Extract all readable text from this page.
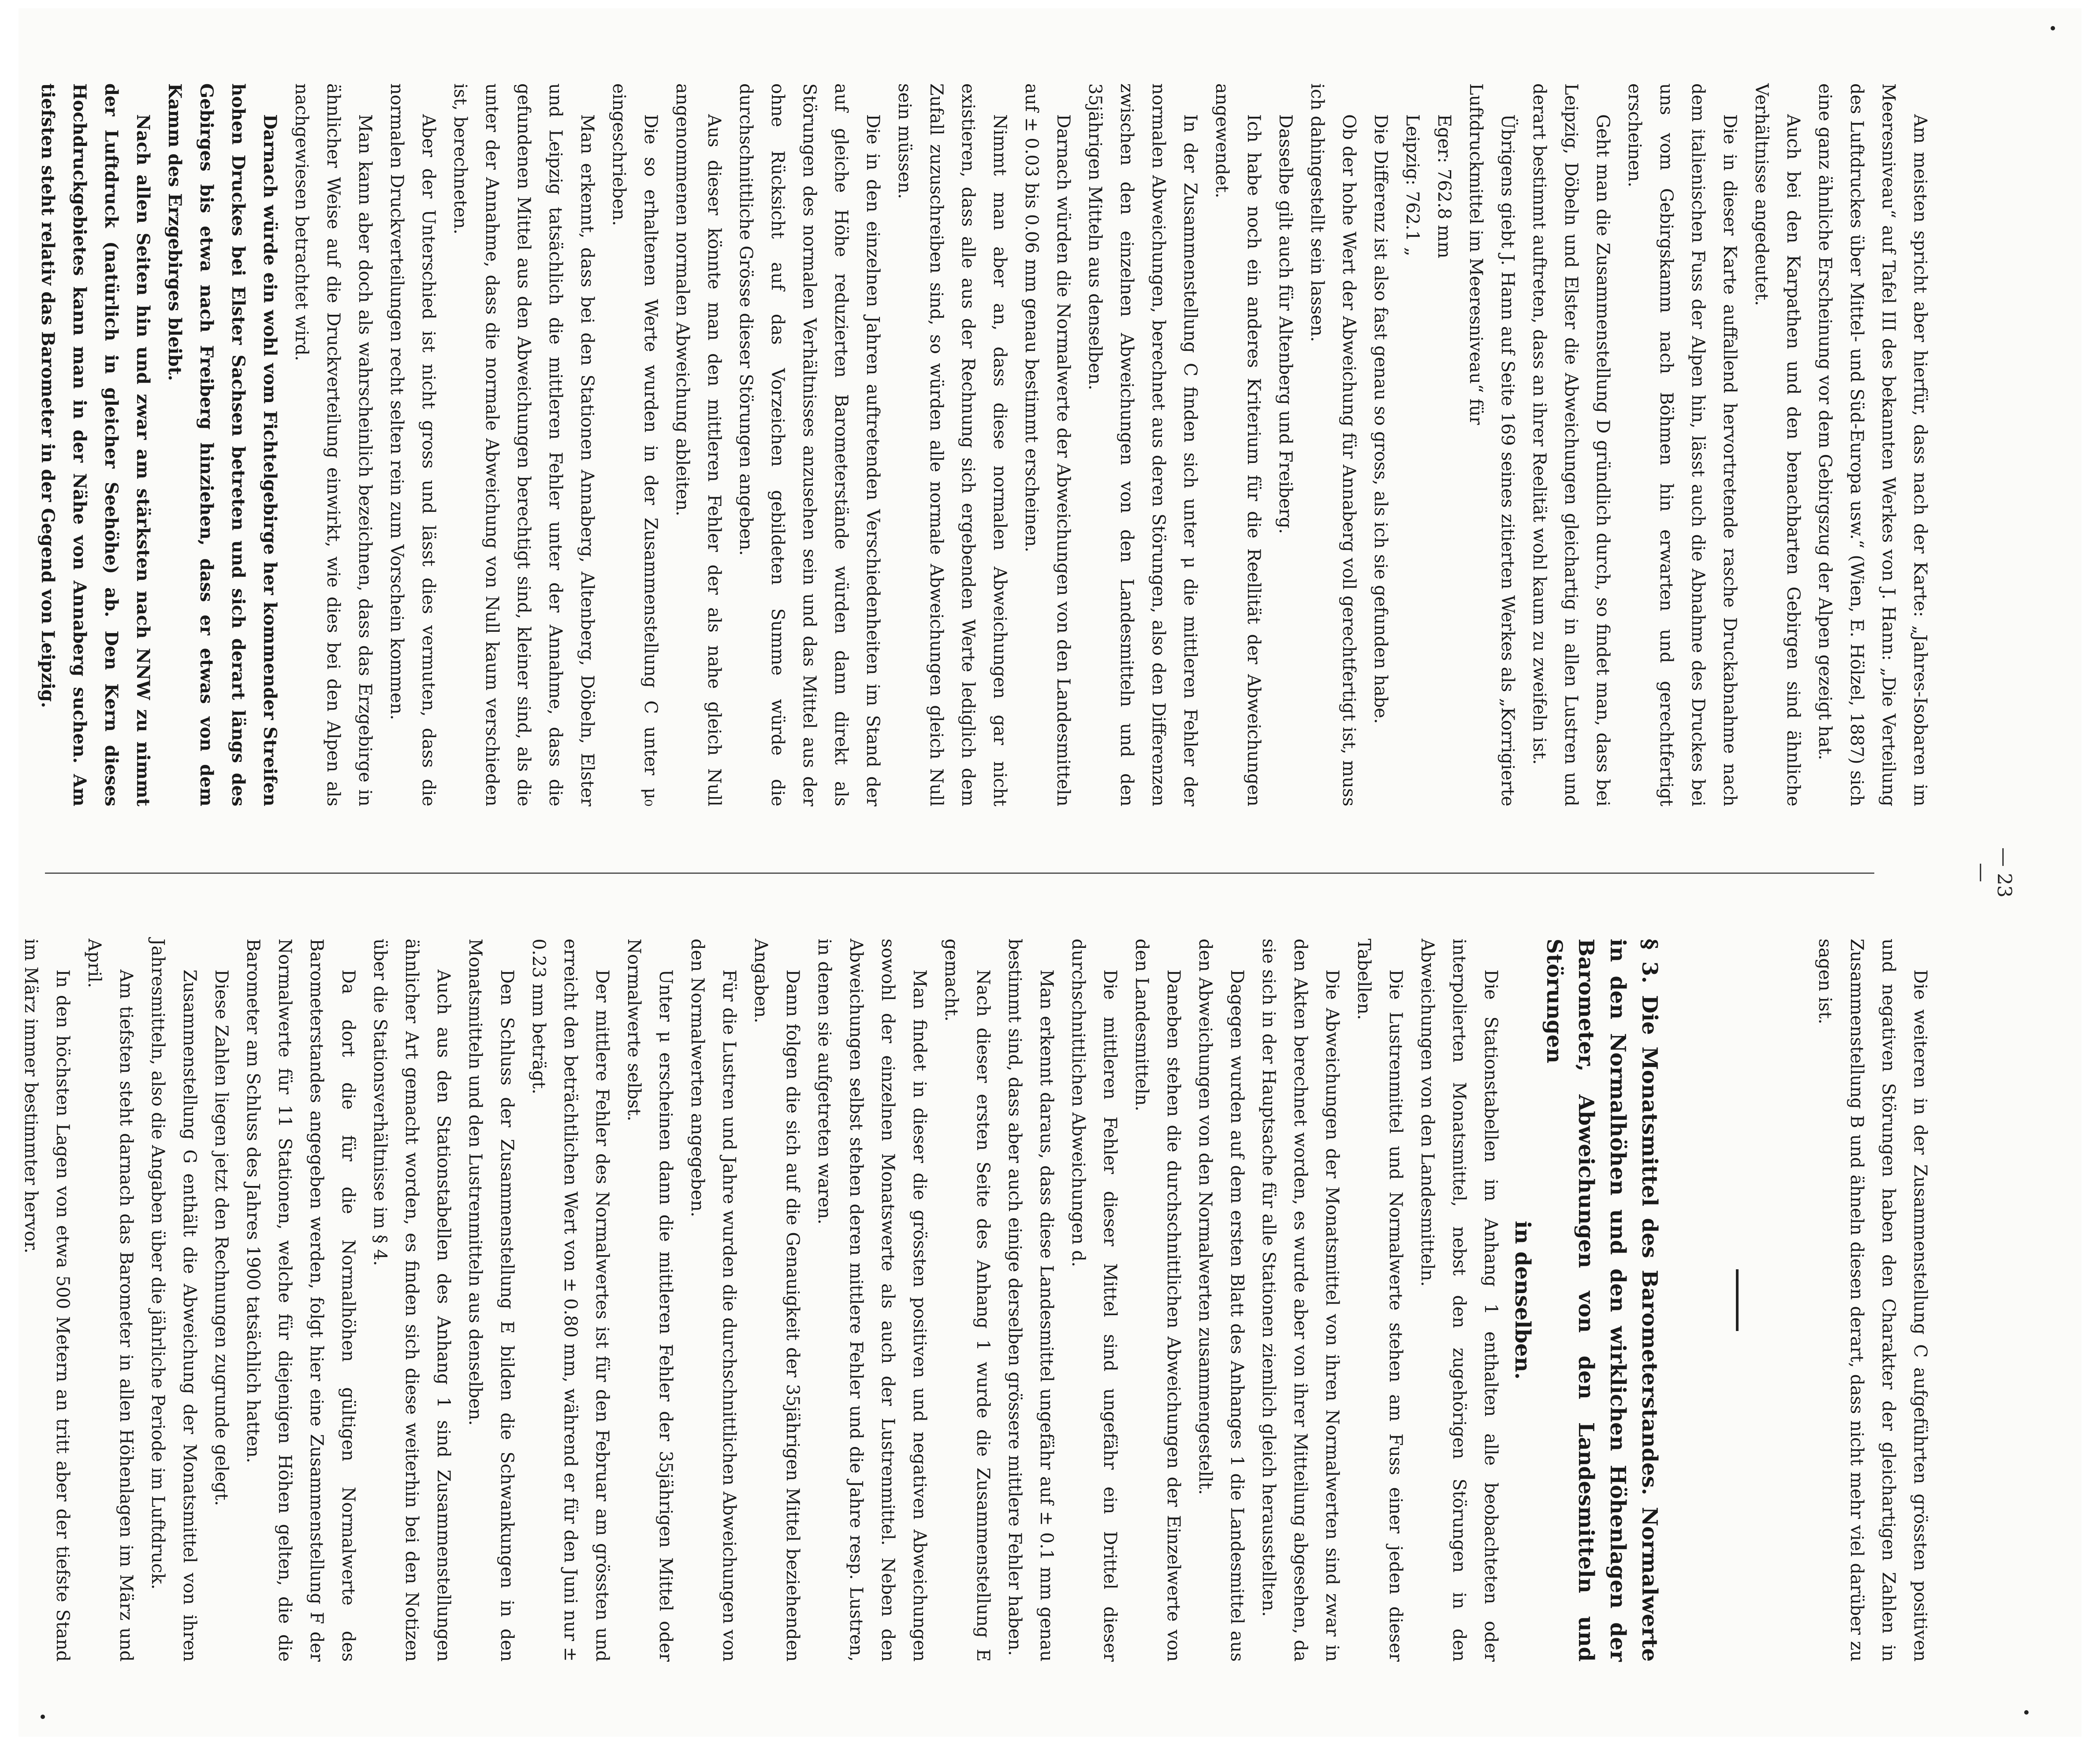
— 23 —

Am meisten spricht aber hierfür, dass nach der Karte: „Jahres-Isobaren im Meeresniveau“ auf Tafel III des bekannten Werkes von J. Hann: „Die Verteilung des Luftdruckes über Mittel- und Süd-Europa usw.“ (Wien, E. Hölzel, 1887) sich eine ganz ähnliche Erscheinung vor dem Gebirgszug der Alpen gezeigt hat.

Auch bei den Karpathen und den benachbarten Gebirgen sind ähnliche Verhältnisse angedeutet.

Die in dieser Karte auffallend hervortretende rasche Druckabnahme nach dem italienischen Fuss der Alpen hin, lässt auch die Abnahme des Druckes bei uns vom Gebirgskamm nach Böhmen hin erwarten und gerechtfertigt erscheinen.

Geht man die Zusammenstellung D gründlich durch, so findet man, dass bei Leipzig, Döbeln und Elster die Abweichungen gleichartig in allen Lustren und derart bestimmt auftreten, dass an ihrer Reelität wohl kaum zu zweifeln ist.

Übrigens giebt J. Hann auf Seite 169 seines zitierten Werkes als „Korrigierte Luftdruckmittel im Meeresniveau“ für

Eger: 762.8 mm

Leipzig: 762.1 „

Die Differenz ist also fast genau so gross, als ich sie gefunden habe.

Ob der hohe Wert der Abweichung für Annaberg voll gerechtfertigt ist, muss ich dahingestellt sein lassen.

Dasselbe gilt auch für Altenberg und Freiberg.

Ich habe noch ein anderes Kriterium für die Reellität der Abweichungen angewendet.

In der Zusammenstellung C finden sich unter μ die mittleren Fehler der normalen Abweichungen, berechnet aus deren Störungen, also den Differenzen zwischen den einzelnen Abweichungen von den Landesmitteln und den 35jährigen Mitteln aus denselben.

Darnach würden die Normalwerte der Abweichungen von den Landesmitteln auf ± 0.03 bis 0.06 mm genau bestimmt erscheinen.

Nimmt man aber an, dass diese normalen Abweichungen gar nicht existieren, dass alle aus der Rechnung sich ergebenden Werte lediglich dem Zufall zuzuschreiben sind, so würden alle normale Abweichungen gleich Null sein müssen.

Die in den einzelnen Jahren auftretenden Verschiedenheiten im Stand der auf gleiche Höhe reduzierten Barometerstände würden dann direkt als Störungen des normalen Verhältnisses anzusehen sein und das Mittel aus der ohne Rücksicht auf das Vorzeichen gebildeten Summe würde die durchschnittliche Grösse dieser Störungen angeben.

Aus dieser könnte man den mittleren Fehler der als nahe gleich Null angenommenen normalen Abweichung ableiten.

Die so erhaltenen Werte wurden in der Zusammenstellung C unter μ₀ eingeschrieben.

Man erkennt, dass bei den Stationen Annaberg, Altenberg, Döbeln, Elster und Leipzig tatsächlich die mittleren Fehler unter der Annahme, dass die gefundenen Mittel aus den Abweichungen berechtigt sind, kleiner sind, als die unter der Annahme, dass die normale Abweichung von Null kaum verschieden ist, berechneten.

Aber der Unterschied ist nicht gross und lässt dies vermuten, dass die normalen Druckverteilungen recht selten rein zum Vorschein kommen.

Man kann aber doch als wahrscheinlich bezeichnen, dass das Erzgebirge in ähnlicher Weise auf die Druckverteilung einwirkt, wie dies bei den Alpen als nachgewiesen betrachtet wird.

Darnach würde ein wohl vom Fichtelgebirge her kommender Streifen hohen Druckes bei Elster Sachsen betreten und sich derart längs des Gebirges bis etwa nach Freiberg hinziehen, dass er etwas von dem Kamm des Erzgebirges bleibt.

Nach allen Seiten hin und zwar am stärksten nach NNW zu nimmt der Luftdruck (natürlich in gleicher Seehöhe) ab. Den Kern dieses Hochdruckgebietes kann man in der Nähe von Annaberg suchen. Am tiefsten steht relativ das Barometer in der Gegend von Leipzig.

Die weiteren in der Zusammenstellung C aufgeführten grössten positiven und negativen Störungen haben den Charakter der gleichartigen Zahlen in Zusammenstellung B und ähneln diesen derart, dass nicht mehr viel darüber zu sagen ist.

§ 3. Die Monatsmittel des Barometerstandes. Normalwerte in den Normalhöhen und den wirklichen Höhenlagen der Barometer, Abweichungen von den Landesmitteln und Störungen
in denselben.

Die Stationstabellen im Anhang 1 enthalten alle beobachteten oder interpolierten Monatsmittel, nebst den zugehörigen Störungen in den Abweichungen von den Landesmitteln.

Die Lustrenmittel und Normalwerte stehen am Fuss einer jeden dieser Tabellen.

Die Abweichungen der Monatsmittel von ihren Normalwerten sind zwar in den Akten berechnet worden, es wurde aber von ihrer Mitteilung abgesehen, da sie sich in der Hauptsache für alle Stationen ziemlich gleich herausstellten.

Dagegen wurden auf dem ersten Blatt des Anhanges 1 die Landesmittel aus den Abweichungen von den Normalwerten zusammengestellt.

Daneben stehen die durchschnittlichen Abweichungen der Einzelwerte von den Landesmitteln.

Die mittleren Fehler dieser Mittel sind ungefähr ein Drittel dieser durchschnittlichen Abweichungen d.

Man erkennt daraus, dass diese Landesmittel ungefähr auf ± 0.1 mm genau bestimmt sind, dass aber auch einige derselben grössere mittlere Fehler haben.

Nach dieser ersten Seite des Anhang 1 wurde die Zusammenstellung E gemacht.

Man findet in dieser die grössten positiven und negativen Abweichungen sowohl der einzelnen Monatswerte als auch der Lustrenmittel. Neben den Abweichungen selbst stehen deren mittlere Fehler und die Jahre resp. Lustren, in denen sie aufgetreten waren.

Dann folgen die sich auf die Genauigkeit der 35jährigen Mittel beziehenden Angaben.

Für die Lustren und Jahre wurden die durchschnittlichen Abweichungen von den Normalwerten angegeben.

Unter μ erscheinen dann die mittleren Fehler der 35jährigen Mittel oder Normalwerte selbst.

Der mittlere Fehler des Normalwertes ist für den Februar am grössten und erreicht den beträchtlichen Wert von ± 0.80 mm, während er für den Juni nur ± 0.23 mm beträgt.

Den Schluss der Zusammenstellung E bilden die Schwankungen in den Monatsmitteln und den Lustrenmitteln aus denselben.

Auch aus den Stationstabellen des Anhang 1 sind Zusammenstellungen ähnlicher Art gemacht worden, es finden sich diese weiterhin bei den Notizen über die Stationsverhältnisse im § 4.

Da dort die für die Normalhöhen gültigen Normalwerte des Barometerstandes angegeben werden, folgt hier eine Zusammenstellung F der Normalwerte für 11 Stationen, welche für diejenigen Höhen gelten, die die Barometer am Schluss des Jahres 1900 tatsächlich hatten.

Diese Zahlen liegen jetzt den Rechnungen zugrunde gelegt.

Zusammenstellung G enthält die Abweichung der Monatsmittel von ihren Jahresmitteln, also die Angaben über die jährliche Periode im Luftdruck.

Am tiefsten steht darnach das Barometer in allen Höhenlagen im März und April.

In den höchsten Lagen von etwa 500 Metern an tritt aber der tiefste Stand im März immer bestimmter hervor.
